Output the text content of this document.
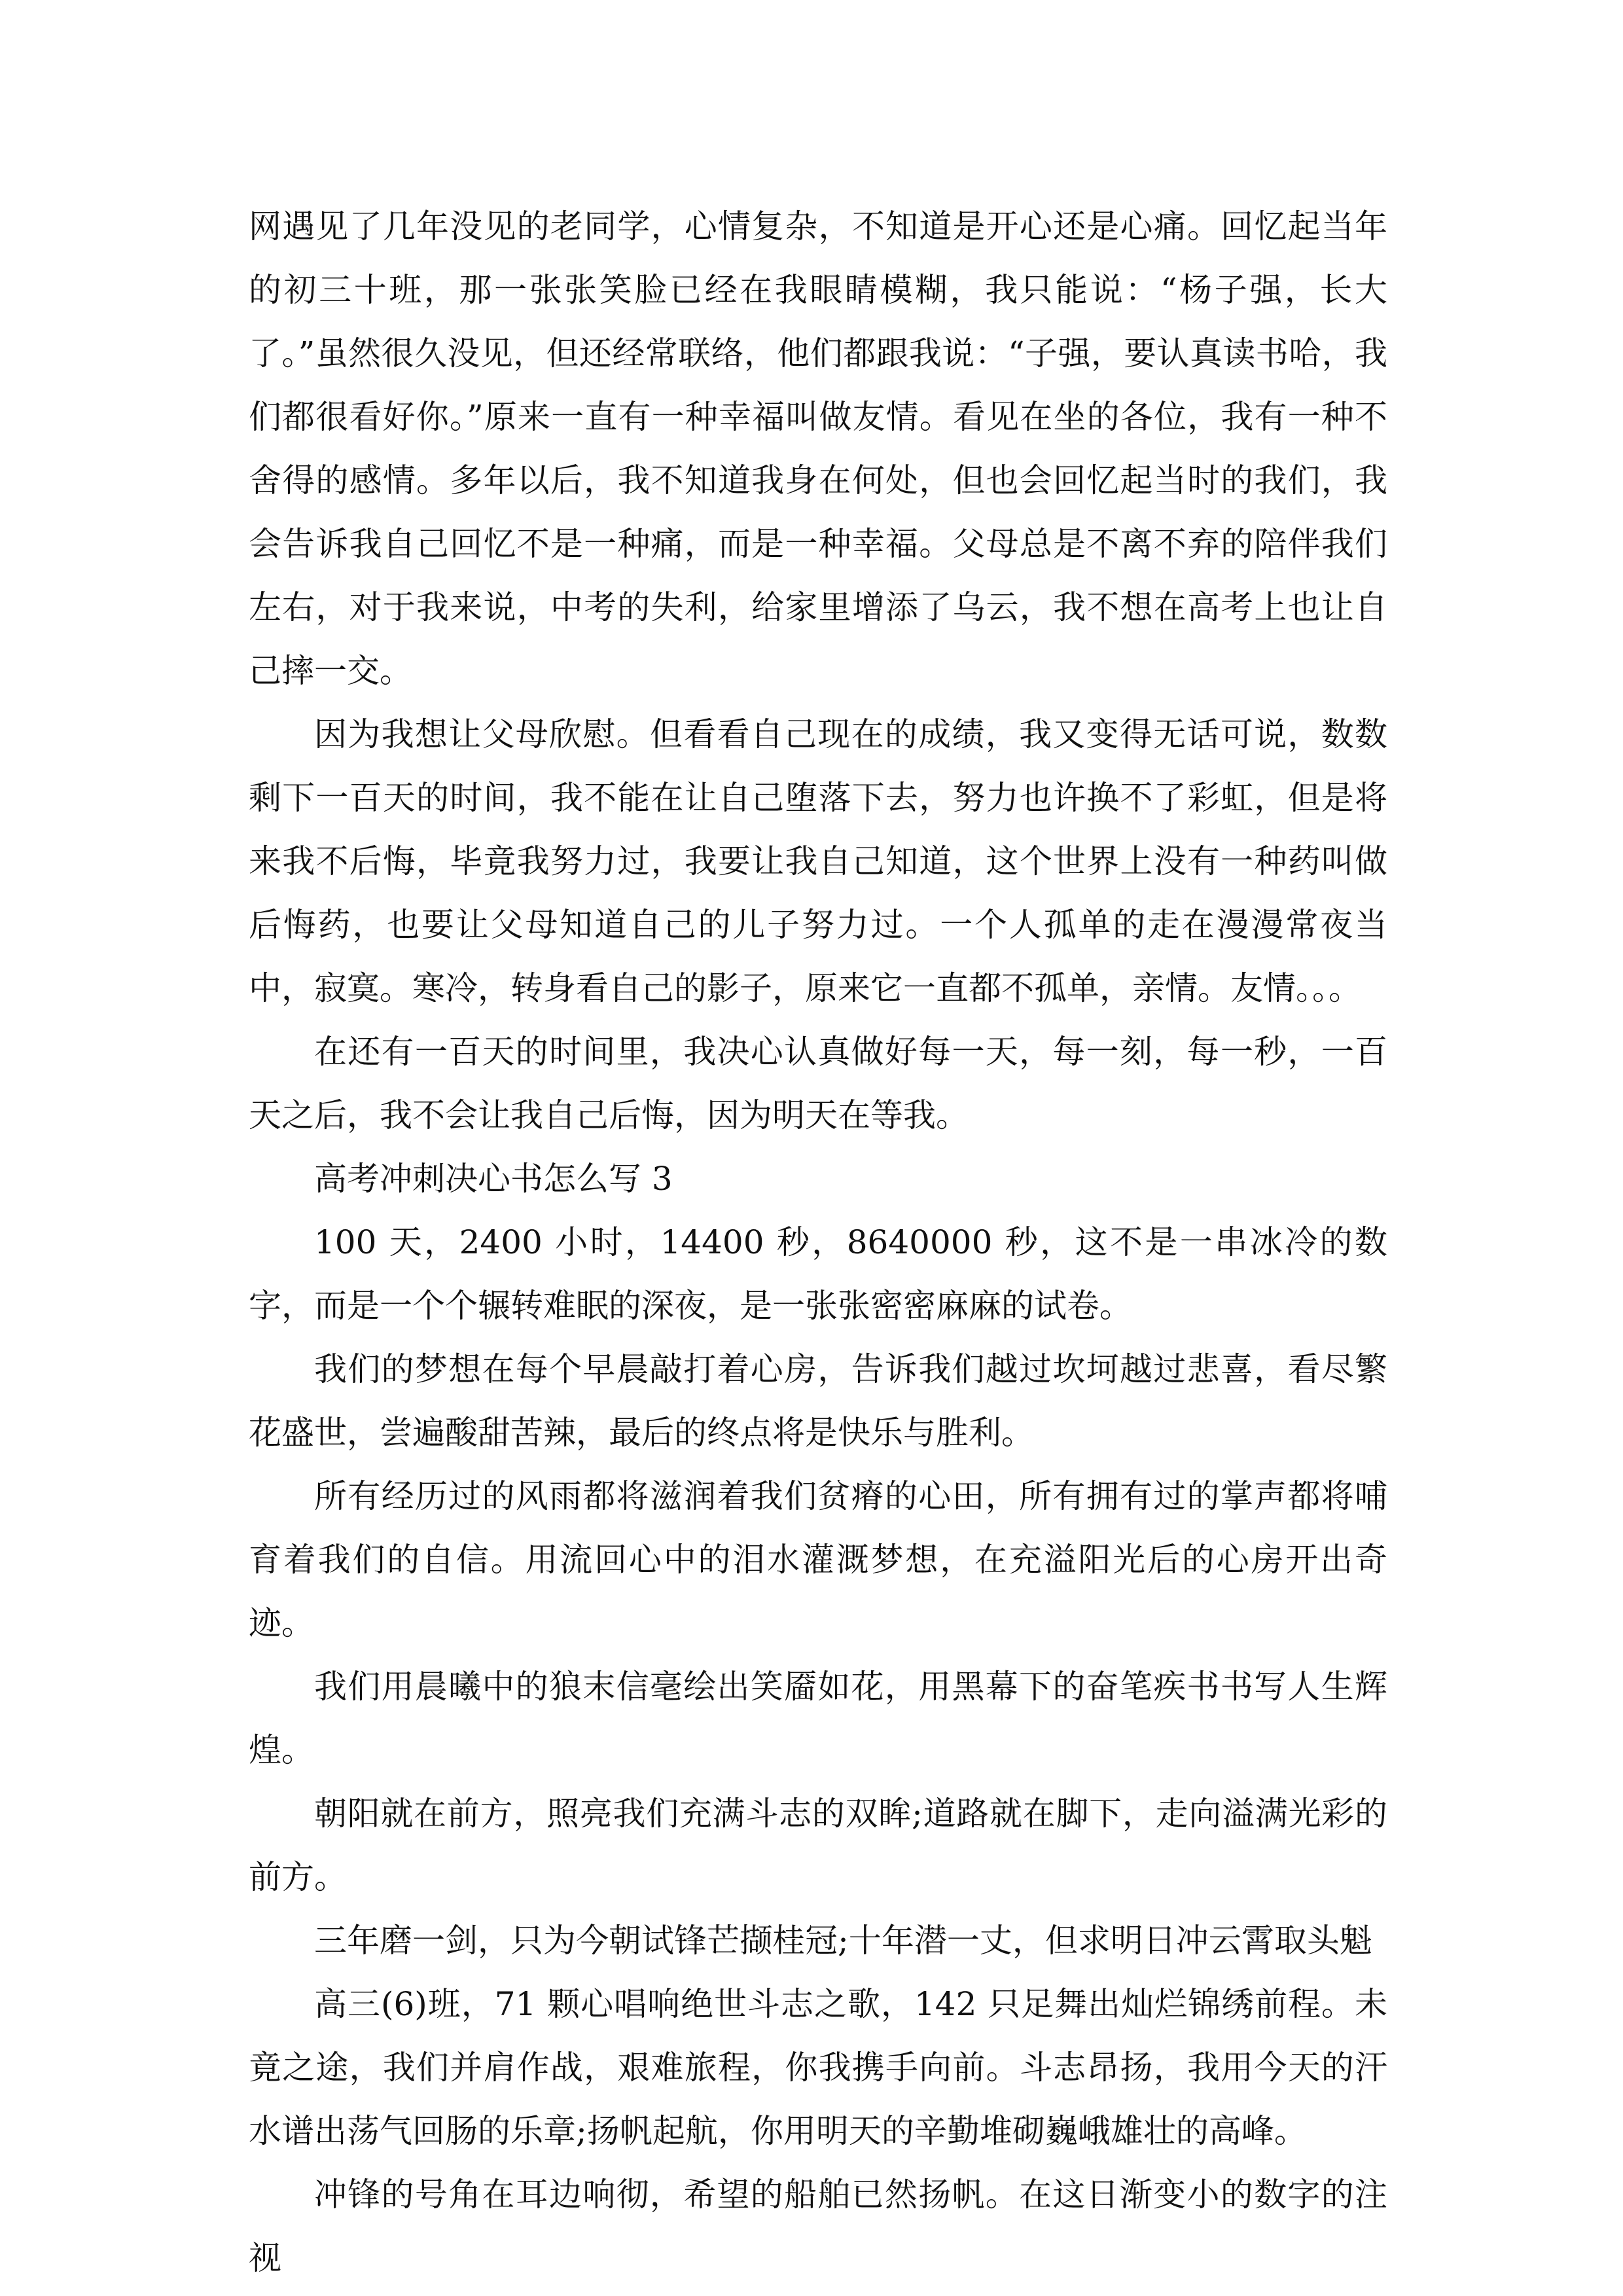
网遇见了几年没见的老同学，心情复杂，不知道是开心还是心痛。回忆起当年的初三十班，那一张张笑脸已经在我眼睛模糊，我只能说：“杨子强，长大了。”虽然很久没见，但还经常联络，他们都跟我说：“子强，要认真读书哈，我们都很看好你。”原来一直有一种幸福叫做友情。看见在坐的各位，我有一种不舍得的感情。多年以后，我不知道我身在何处，但也会回忆起当时的我们，我会告诉我自己回忆不是一种痛，而是一种幸福。父母总是不离不弃的陪伴我们左右，对于我来说，中考的失利，给家里增添了乌云，我不想在高考上也让自己摔一交。

因为我想让父母欣慰。但看看自己现在的成绩，我又变得无话可说，数数剩下一百天的时间，我不能在让自己堕落下去，努力也许换不了彩虹，但是将来我不后悔，毕竟我努力过，我要让我自己知道，这个世界上没有一种药叫做后悔药，也要让父母知道自己的儿子努力过。一个人孤单的走在漫漫常夜当中，寂寞。寒冷，转身看自己的影子，原来它一直都不孤单，亲情。友情。。。

在还有一百天的时间里，我决心认真做好每一天，每一刻，每一秒，一百天之后，我不会让我自己后悔，因为明天在等我。

高考冲刺决心书怎么写 3

100 天，2400 小时，14400 秒，8640000 秒，这不是一串冰冷的数字，而是一个个辗转难眠的深夜，是一张张密密麻麻的试卷。

我们的梦想在每个早晨敲打着心房，告诉我们越过坎坷越过悲喜，看尽繁花盛世，尝遍酸甜苦辣，最后的终点将是快乐与胜利。

所有经历过的风雨都将滋润着我们贫瘠的心田，所有拥有过的掌声都将哺育着我们的自信。用流回心中的泪水灌溉梦想，在充溢阳光后的心房开出奇迹。

我们用晨曦中的狼末信毫绘出笑靥如花，用黑幕下的奋笔疾书书写人生辉煌。

朝阳就在前方，照亮我们充满斗志的双眸;道路就在脚下，走向溢满光彩的前方。

三年磨一剑，只为今朝试锋芒撷桂冠;十年潜一丈，但求明日冲云霄取头魁

高三(6)班，71 颗心唱响绝世斗志之歌，142 只足舞出灿烂锦绣前程。未竟之途，我们并肩作战，艰难旅程，你我携手向前。斗志昂扬，我用今天的汗水谱出荡气回肠的乐章;扬帆起航，你用明天的辛勤堆砌巍峨雄壮的高峰。

冲锋的号角在耳边响彻，希望的船舶已然扬帆。在这日渐变小的数字的注视
